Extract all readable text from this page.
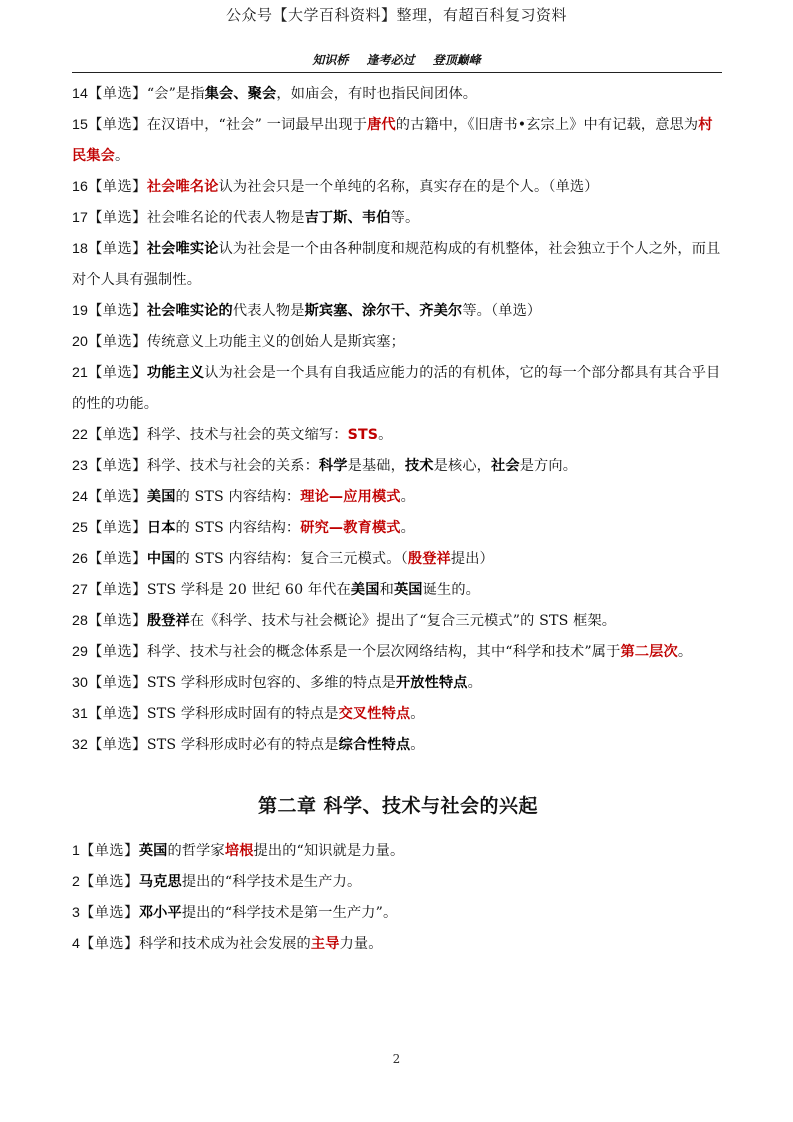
公众号【大学百科资料】整理，有超百科复习资料
知识桥 逢考必过 登顶巅峰
14【单选】“会”是指集会、聚会，如庙会，有时也指民间团体。
15【单选】在汉语中，“社会” 一词最早出现于唐代的古籍中，《旧唐书•玄宗上》中有记载，意思为村民集会。
16【单选】社会唯名论认为社会只是一个单纯的名称，真实存在的是个人。（单选）
17【单选】社会唯名论的代表人物是吉丁斯、韦伯等。
18【单选】社会唯实论认为社会是一个由各种制度和规范构成的有机整体，社会独立于个人之外，而且对个人具有强制性。
19【单选】社会唯实论的代表人物是斯宾塞、涂尔干、齐美尔等。（单选）
20【单选】传统意义上功能主义的创始人是斯宾塞；
21【单选】功能主义认为社会是一个具有自我适应能力的活的有机体，它的每一个部分都具有其合乎目的性的功能。
22【单选】科学、技术与社会的英文缩写：STS。
23【单选】科学、技术与社会的关系：科学是基础，技术是核心，社会是方向。
24【单选】美国的 STS 内容结构：理论—应用模式。
25【单选】日本的 STS 内容结构：研究—教育模式。
26【单选】中国的 STS 内容结构：复合三元模式。（殷登祥提出）
27【单选】STS 学科是 20 世纪 60 年代在美国和英国诞生的。
28【单选】殷登祥在《科学、技术与社会概论》提出了“复合三元模式”的 STS 框架。
29【单选】科学、技术与社会的概念体系是一个层次网络结构，其中“科学和技术”属于第二层次。
30【单选】STS 学科形成时包容的、多维的特点是开放性特点。
31【单选】STS 学科形成时固有的特点是交叉性特点。
32【单选】STS 学科形成时必有的特点是综合性特点。
第二章 科学、技术与社会的兴起
1【单选】英国的哲学家培根提出的“知识就是力量。
2【单选】马克思提出的“科学技术是生产力。
3【单选】邓小平提出的“科学技术是第一生产力”。
4【单选】科学和技术成为社会发展的主导力量。
2
